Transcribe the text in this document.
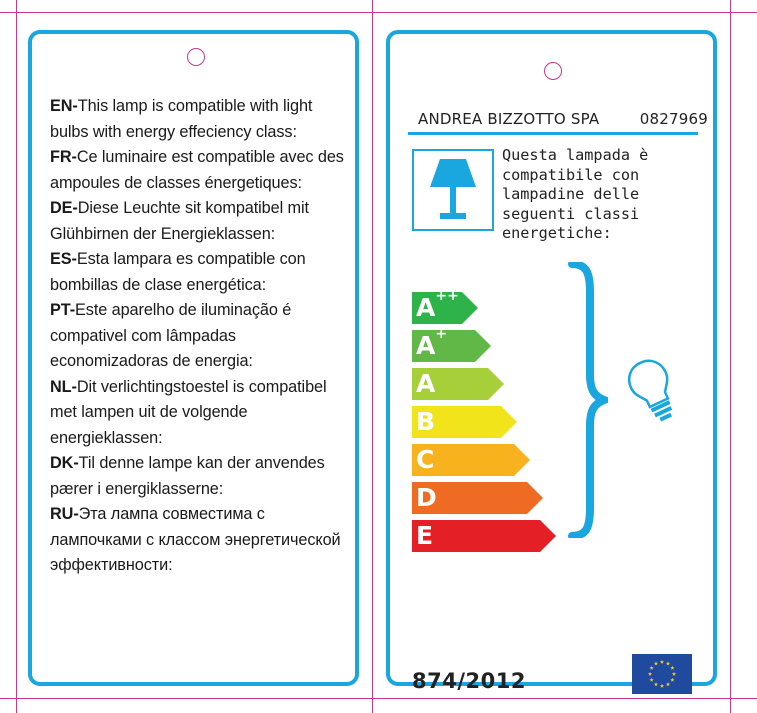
EN-This lamp is compatible with light bulbs with energy effeciency class:
FR-Ce luminaire est compatible avec des ampoules de classes énergetiques:
DE-Diese Leuchte sit kompatibel mit Glühbirnen der Energieklassen:
ES-Esta lampara es compatible con bombillas de clase energética:
PT-Este aparelho de iluminação é compativel com lâmpadas economizadoras de energia:
NL-Dit verlichtingstoestel is compatibel met lampen uit de volgende energieklassen:
DK-Til denne lampe kan der anvendes pærer i energiklasserne:
RU-Эта лампа совместима с лампочками с классом энергетической эффективности:
ANDREA BIZZOTTO SPA	0827969
Questa lampada è compatibile con lampadine delle seguenti classi energetiche:
A++
A+
A
B
C
D
E
874/2012
